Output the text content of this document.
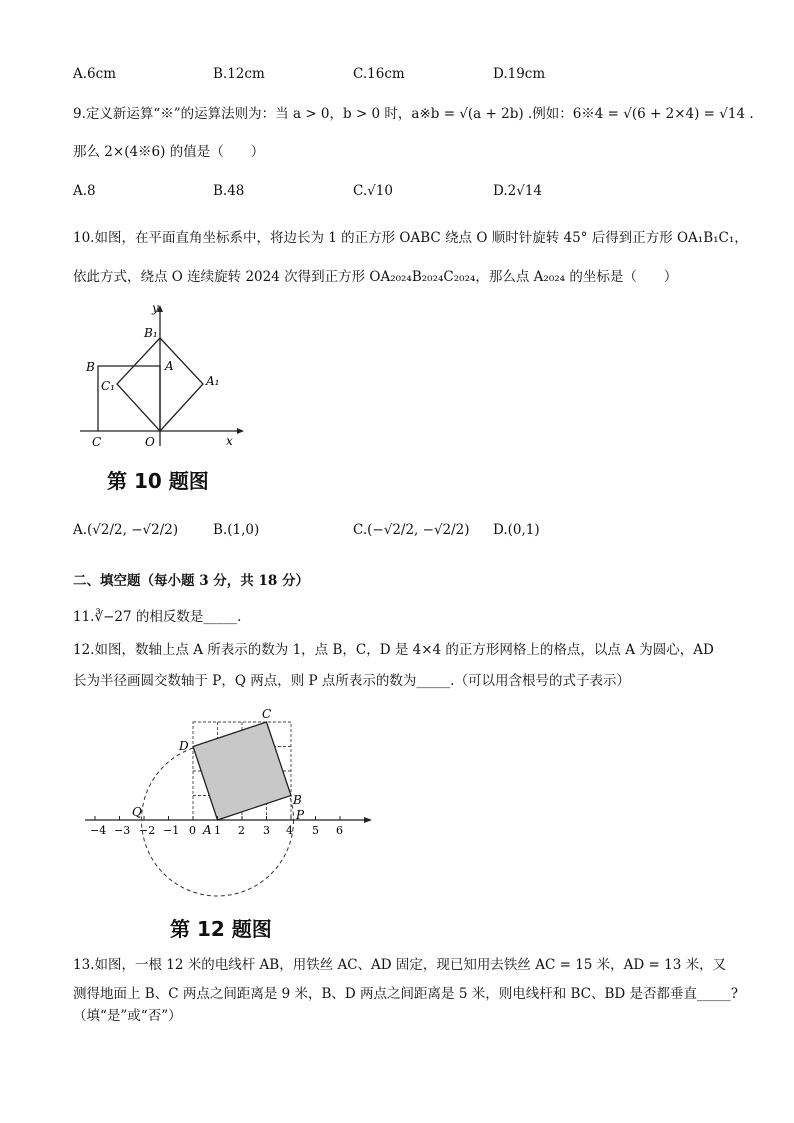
A.6cm	B.12cm	C.16cm	D.19cm
9.定义新运算“※”的运算法则为：当 a > 0，b > 0 时，a※b = √(a + 2b) .例如：6※4 = √(6 + 2×4) = √14 .
那么 2×(4※6) 的值是（　　）
A.8	B.48	C.√10	D.2√14
10.如图，在平面直角坐标系中，将边长为 1 的正方形 OABC 绕点 O 顺时针旋转 45° 后得到正方形 OA₁B₁C₁，
依此方式，绕点 O 连续旋转 2024 次得到正方形 OA₂₀₂₄B₂₀₂₄C₂₀₂₄，那么点 A₂₀₂₄ 的坐标是（　　）
y
B₁
B	A
C₁	A₁
C	O	x
第 10 题图
A.(√2/2, −√2/2)	B.(1,0)	C.(−√2/2, −√2/2) D.(0,1)
二、填空题（每小题 3 分，共 18 分）
11.∛−27 的相反数是_____.
12.如图，数轴上点 A 所表示的数为 1，点 B，C，D 是 4×4 的正方形网格上的格点，以点 A 为圆心，AD
长为半径画圆交数轴于 P，Q 两点，则 P 点所表示的数为_____.（可以用含根号的式子表示）
−4 −3 −2 −1 0 1 2 3 4 5 6
C
D
B
Q	P
A
第 12 题图
13.如图，一根 12 米的电线杆 AB，用铁丝 AC、AD 固定，现已知用去铁丝 AC = 15 米，AD = 13 米，又
测得地面上 B、C 两点之间距离是 9 米，B、D 两点之间距离是 5 米，则电线杆和 BC、BD 是否都垂直_____?
（填“是”或“否”）
